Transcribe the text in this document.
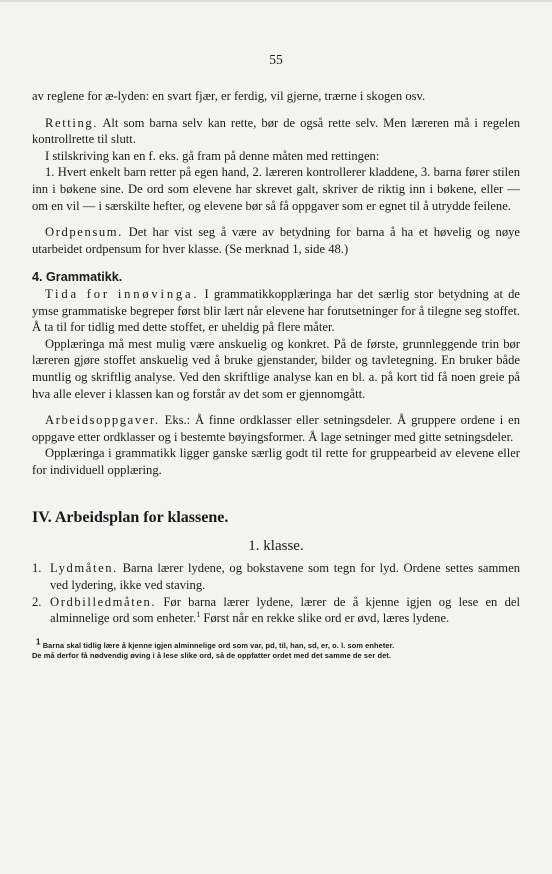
55

av reglene for æ-lyden: en svart fjær, er ferdig, vil gjerne, trærne i skogen osv.

Retting. Alt som barna selv kan rette, bør de også rette selv. Men læreren må i regelen kontrollrette til slutt.

I stilskriving kan en f. eks. gå fram på denne måten med rettingen:

1. Hvert enkelt barn retter på egen hand, 2. læreren kontrollerer kladdene, 3. barna fører stilen inn i bøkene sine. De ord som elevene har skrevet galt, skriver de riktig inn i bøkene, eller — om en vil — i særskilte hefter, og elevene bør så få oppgaver som er egnet til å utrydde feilene.

Ordpensum. Det har vist seg å være av betydning for barna å ha et høvelig og nøye utarbeidet ordpensum for hver klasse. (Se merknad 1, side 48.)

4. Grammatikk.

Tida for innøvinga. I grammatikkopplæringa har det særlig stor betydning at de ymse grammatiske begreper først blir lært når elevene har forutsetninger for å tilegne seg stoffet. Å ta til for tidlig med dette stoffet, er uheldig på flere måter.

Opplæringa må mest mulig være anskuelig og konkret. På de første, grunnleggende trin bør læreren gjøre stoffet anskuelig ved å bruke gjenstander, bilder og tavletegning. En bruker både muntlig og skriftlig analyse. Ved den skriftlige analyse kan en bl. a. på kort tid få noen greie på hva alle elever i klassen kan og forstår av det som er gjennomgått.

Arbeidsoppgaver. Eks.: Å finne ordklasser eller setningsdeler. Å gruppere ordene i en oppgave etter ordklasser og i bestemte bøyingsformer. Å lage setninger med gitte setningsdeler.

Opplæringa i grammatikk ligger ganske særlig godt til rette for gruppearbeid av elevene eller for individuell opplæring.

IV. Arbeidsplan for klassene.

1. klasse.

1. Lydmåten. Barna lærer lydene, og bokstavene som tegn for lyd. Ordene settes sammen ved lydering, ikke ved staving.
2. Ordbilledmåten. Før barna lærer lydene, lærer de å kjenne igjen og lese en del alminnelige ord som enheter.$^1$ Først når en rekke slike ord er øvd, læres lydene.

$^1$ Barna skal tidlig lære å kjenne igjen alminnelige ord som var, pd, til, han, sd, er, o. l. som enheter.

De må derfor få nødvendig øving i å lese slike ord, så de oppfatter ordet med det samme de ser det.
